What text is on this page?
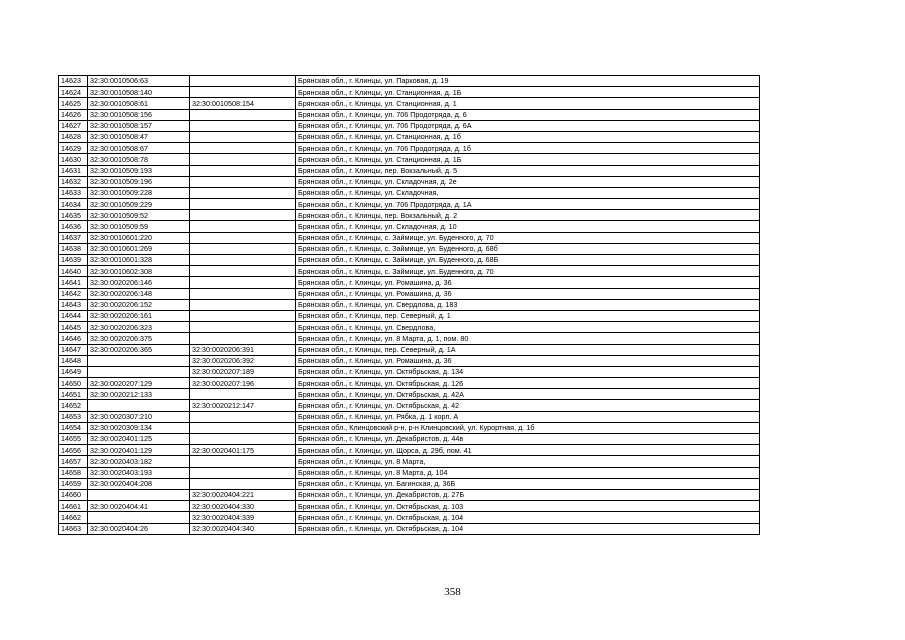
14623	32:30:0010506:63		Брянская обл., г. Клинцы, ул. Парковая, д. 19
14624	32:30:0010508:140		Брянская обл., г. Клинцы, ул. Станционная, д. 1Б
14625	32:30:0010508:61	32:30:0010508:154	Брянская обл., г. Клинцы, ул. Станционная, д. 1
14626	32:30:0010508:156		Брянская обл., г. Клинцы, ул. 706 Продотряда, д. 6
14627	32:30:0010508:157		Брянская обл., г. Клинцы, ул. 706 Продотряда, д. 6А
14628	32:30:0010508:47		Брянская обл., г. Клинцы, ул. Станционная, д. 1б
14629	32:30:0010508:67		Брянская обл., г. Клинцы, ул. 706 Продотряда, д. 1б
14630	32:30:0010508:78		Брянская обл., г. Клинцы, ул. Станционная, д. 1Б
14631	32:30:0010509:193		Брянская обл., г. Клинцы, пер. Вокзальный, д. 5
14632	32:30:0010509:196		Брянская обл., г. Клинцы, ул. Складочная, д. 2е
14633	32:30:0010509:228		Брянская обл., г. Клинцы, ул. Складочная,
14634	32:30:0010509:229		Брянская обл., г. Клинцы, ул. 706 Продотряда, д. 1А
14635	32:30:0010509:52		Брянская обл., г. Клинцы, пер. Вокзальный, д. 2
14636	32:30:0010509:59		Брянская обл., г. Клинцы, ул. Складочная, д. 10
14637	32:30:0010601:220		Брянская обл., г. Клинцы, с. Займище, ул. Буденного, д. 70
14638	32:30:0010601:269		Брянская обл., г. Клинцы, с. Займище, ул. Буденного, д. 68б
14639	32:30:0010601:328		Брянская обл., г. Клинцы, с. Займище, ул. Буденного, д. 68Б
14640	32:30:0010602:308		Брянская обл., г. Клинцы, с. Займище, ул. Буденного, д. 70
14641	32:30:0020206:146		Брянская обл., г. Клинцы, ул. Ромашина, д. 36
14642	32:30:0020206:148		Брянская обл., г. Клинцы, ул. Ромашина, д. 36
14643	32:30:0020206:152		Брянская обл., г. Клинцы, ул. Свердлова, д. 183
14644	32:30:0020206:161		Брянская обл., г. Клинцы, пер. Северный, д. 1
14645	32:30:0020206:323		Брянская обл., г. Клинцы, ул. Свердлова,
14646	32:30:0020206:375		Брянская обл., г. Клинцы, ул. 8 Марта, д. 1, пом. 80
14647	32:30:0020206:365	32:30:0020206:391	Брянская обл., г. Клинцы, пер. Северный, д. 1А
14648		32:30:0020206:392	Брянская обл., г. Клинцы, ул. Ромашина, д. 36
14649		32:30:0020207:189	Брянская обл., г. Клинцы, ул. Октябрьская, д. 134
14650	32:30:0020207:129	32:30:0020207:196	Брянская обл., г. Клинцы, ул. Октябрьская, д. 126
14651	32:30:0020212:133		Брянская обл., г. Клинцы, ул. Октябрьская, д. 42А
14652		32:30:0020212:147	Брянская обл., г. Клинцы, ул. Октябрьская, д. 42
14653	32:30:0020307:210		Брянская обл., г. Клинцы, ул. Рябка, д. 1 корп. А
14654	32:30:0020309:134		Брянская обл., Клинцовский р-н, р-н Клинцовский, ул. Курортная, д. 1б
14655	32:30:0020401:125		Брянская обл., г. Клинцы, ул. Декабристов, д. 44в
14656	32:30:0020401:129	32:30:0020401:175	Брянская обл., г. Клинцы, ул. Щорса, д. 29б, пом. 41
14657	32:30:0020403:182		Брянская обл., г. Клинцы, ул. 8 Марта,
14658	32:30:0020403:193		Брянская обл., г. Клинцы, ул. 8 Марта, д. 104
14659	32:30:0020404:208		Брянская обл., г. Клинцы, ул. Багинская, д. 36Б
14660		32:30:0020404:221	Брянская обл., г. Клинцы, ул. Декабристов, д. 27Б
14661	32:30:0020404:41	32:30:0020404:330	Брянская обл., г. Клинцы, ул. Октябрьская, д. 103
14662		32:30:0020404:339	Брянская обл., г. Клинцы, ул. Октябрьская, д. 104
14663	32:30:0020404:26	32:30:0020404:340	Брянская обл., г. Клинцы, ул. Октябрьская, д. 104
358
